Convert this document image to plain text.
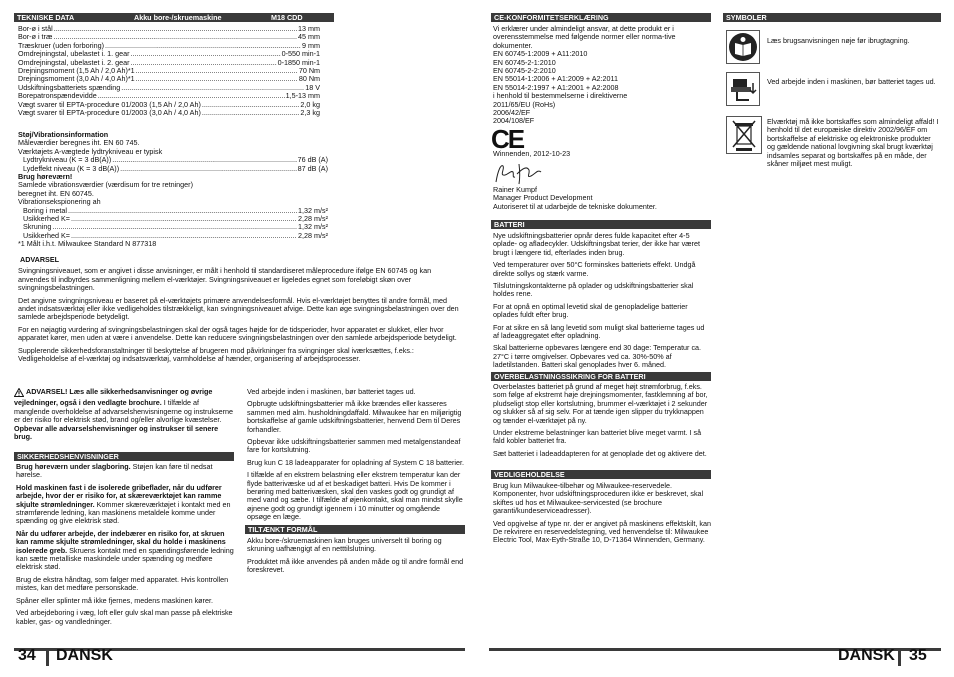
TEKNISKE DATA	Akku bore-/skruemaskine	M18 CDD
Bor-ø i stål .....	13 mm
Bor-ø i træ .....	45 mm
Træskruer (uden forboring) .....	9 mm
Omdrejningstal, ubelastet i. 1. gear .....	0-550 min-1
Omdrejningstal, ubelastet i. 2. gear .....	0-1850 min-1
Drejningsmoment (1,5 Ah / 2,0 Ah)*1 .....	70 Nm
Drejningsmoment (3,0 Ah / 4,0 Ah)*1 .....	80 Nm
Udskiftningsbatteriets spænding .....	18 V
Borepatronspændevidde .....	1,5-13 mm
Vægt svarer til EPTA-procedure 01/2003 (1,5 Ah / 2,0 Ah) .....	2,0 kg
Vægt svarer til EPTA-procedure 01/2003 (3,0 Ah / 4,0 Ah) .....	2,3 kg
Støj/Vibrationsinformation
Måleværdier beregnes iht. EN 60 745.
Værktøjets A-vægtede lydtrykniveau er typisk
Lydtrykniveau (K = 3 dB(A)) .....	76 dB (A)
Lydeffekt niveau (K = 3 dB(A)) .....	87 dB (A)
Brug høreværn!
Samlede vibrationsværdier (værdisum for tre retninger)
beregnet iht. EN 60745.
Vibrationsekspionering ah
Boring i metal .....	1,32 m/s²
Usikkerhed K= .....	2,28 m/s²
Skruning .....	1,32 m/s²
Usikkerhed K= .....	2,28 m/s²
*1 Målt i.h.t. Milwaukee Standard N 877318
ADVARSEL
Svingningsniveauet, som er angivet i disse anvisninger, er målt i henhold til standardiseret måleprocedure ifølge EN 60745 og kan anvendes til indbyrdes sammenligning mellem el-værktøjer. Svingningsniveauet er ligeledes egnet som foreløbigt skøn over svingningsbelastningen.
Det angivne svingningsniveau er baseret på el-værktøjets primære anvendelsesformål. Hvis el-værktøjet benyttes til andre formål, med andet indsatsværktøj eller ikke vedligeholdes tilstrækkeligt, kan svingningsniveauet afvige. Dette kan øge svingningsbelastningen over den samlede arbejdsperiode betydeligt.
For en nøjagtig vurdering af svingningsbelastningen skal der også tages højde for de tidsperioder, hvor apparatet er slukket, eller hvor apparatet kører, men uden at være i anvendelse. Dette kan reducere svingningsbelastningen over den samlede arbejdsperiode betydeligt.
Supplerende sikkerhedsforanstaltninger til beskyttelse af brugeren mod påvirkninger fra svingninger skal iværksættes, f.eks.: Vedligeholdelse af el-værktøj og indsatsværktøj, varmholdelse af hænder, organisering af arbejdsprocesser.
ADVARSEL! Læs alle sikkerhedsanvisninger og øvrige vejledninger, også i den vedlagte brochure. I tilfælde af manglende overholdelse af advarselshenvisningerne og instrukserne er der risiko for elektrisk stød, brand og/eller alvorlige kvæstelser. Opbevar alle advarselshenvisninger og instrukser til senere brug.
SIKKERHEDSHENVISNINGER
Brug høreværn under slagboring. Støjen kan føre til nedsat hørelse.
Hold maskinen fast i de isolerede gribeflader, når du udfører arbejde, hvor der er risiko for, at skæreværktøjet kan ramme skjulte strømledninger. Kommer skæreværktøjet i kontakt med en strømførende ledning, kan maskinens metaldele komme under spænding og give elektrisk stød.
Når du udfører arbejde, der indebærer en risiko for, at skruen kan ramme skjulte strømledninger, skal du holde i maskinens isolerede greb. Skruens kontakt med en spændingsførende ledning kan sætte metalliske maskindele under spænding og medføre elektrisk stød.
Brug de ekstra håndtag, som følger med apparatet. Hvis kontrollen mistes, kan det medføre personskade.
Spåner eller splinter må ikke fjernes, medens maskinen kører.
Ved arbejdeboring i væg, loft eller gulv skal man passe på elektriske kabler, gas- og vandledninger.
Ved arbejde inden i maskinen, bør batteriet tages ud.
Opbrugte udskiftningsbatterier må ikke brændes eller kasseres sammen med alm. husholdningdaffald. Milwaukee har en miljørigtig bortskaffelse af gamle udskiftningsbatterier, henvend Dem til Deres forhandler.
Opbevar ikke udskiftningsbatterier sammen med metalgenstandeaf fare for kortslutning.
Brug kun C 18 ladeapparater for opladning af System C 18 batterier.
I tilfælde af en ekstrem belastning eller ekstrem temperatur kan der flyde batterivæske ud af et beskadiget batteri. Hvis De kommer i berøring med batterivæsken, skal den vaskes godt og grundigt af med vand og sæbe. I tilfælde af øjenkontakt, skal man mindst skylle øjnene godt og grundigt igennem i 10 minutter og omgående opsøge en læge.
TILTÆNKT FORMÅL
Akku bore-/skruemaskinen kan bruges universelt til boring og skruning uafhængigt af en netttilslutning.
Produktet må ikke anvendes på anden måde og til andre formål end foreskrevet.
34 DANSK
CE-KONFORMITETSERKLÆRING
Vi erklærer under almindeligt ansvar, at dette produkt er i
overensstemmelse med følgende normer eller norma-tive
dokumenter.
EN 60745-1:2009 + A11:2010
EN 60745-2-1:2010
EN 60745-2-2:2010
EN 55014-1:2006 + A1:2009 + A2:2011
EN 55014-2:1997 + A1:2001 + A2:2008
i henhold til bestemmelserne i direktiverne
2011/65/EU (RoHs)
2006/42/EF
2004/108/EF
CE
Winnenden, 2012-10-23
Rainer Kumpf
Manager Product Development
Autoriseret til at udarbejde de tekniske dokumenter.
BATTERI
Nye udskiftningsbatterier opnår deres fulde kapacitet efter 4-5 oplade- og afladecykler. Udskiftningsbat terier, der ikke har været brugt i længere tid, efterlades inden brug.
Ved temperaturer over 50°C forminskes batteriets effekt. Undgå direkte sollys og stærk varme.
Tilslutningskontakterne på oplader og udskiftningsbatterier skal holdes rene.
For at opnå en optimal levetid skal de genopladelige batterier oplades fuldt efter brug.
For at sikre en så lang levetid som muligt skal batterierne tages ud af ladeaggregatet efter opladning.
Skal batterierne opbevares længere end 30 dage: Temperatur ca. 27°C i tørre omgivelser. Opbevares ved ca. 30%-50% af ladetilstanden. Batteri skal genoplades hver 6. måned.
OVERBELASTNINGSSIKRING FOR BATTERI
Overbelastes batteriet på grund af meget højt strømforbrug, f.eks. som følge af ekstremt høje drejningsmomenter, fastklemning af bor, pludseligt stop eller kortslutning, brummer el-værktøjet i 2 sekunder og slukker så af sig selv. For at tænde igen slipper du trykknappen og tænder el-værktøjet på ny.
Under ekstreme belastninger kan batteriet blive meget varmt. I så fald kobler batteriet fra.
Sæt batteriet i ladeaddapteren for at genoplade det og aktivere det.
VEDLIGEHOLDELSE
Brug kun Milwaukee-tilbehør og Milwaukee-reservedele. Komponenter, hvor udskiftningsproceduren ikke er beskrevet, skal skiftes ud hos et Milwaukee-servicested (se brochure garanti/kundeserviceadresser).
Ved opgivelse af type nr. der er angivet på maskinens effektskilt, kan De rekvirere en reservedelstegning, ved henvendelse til: Milwaukee Electric Tool, Max-Eyth-Straße 10, D-71364 Winnenden, Germany.
SYMBOLER
Læs brugsanvisningen nøje før ibrugtagning.
Ved arbejde inden i maskinen, bør batteriet tages ud.
Elværktøj må ikke bortskaffes som almindeligt affald! I henhold til det europæiske direktiv 2002/96/EF om bortskaffelse af elektriske og elektroniske produkter og gældende national lovgivning skal brugt kværktøj indsamles separat og bortskaffes på en måde, der skåner miljøet mest muligt.
DANSK 35
